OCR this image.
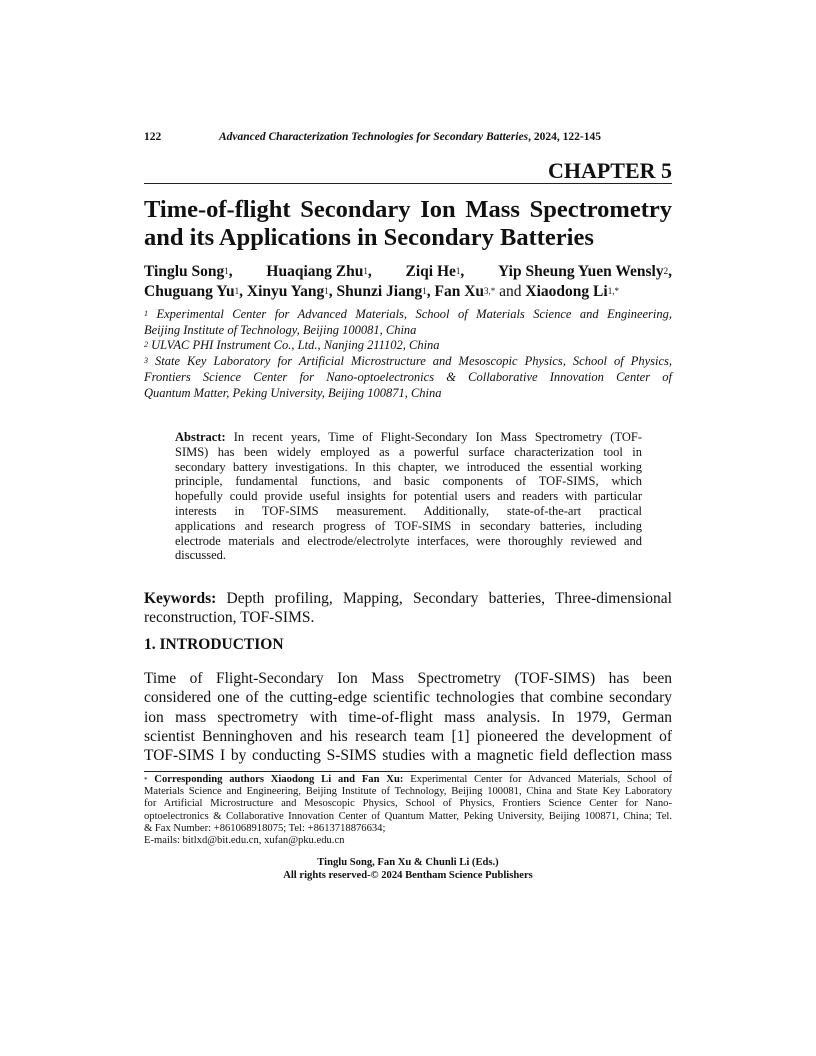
122	Advanced Characterization Technologies for Secondary Batteries, 2024, 122-145
CHAPTER 5
Time-of-flight Secondary Ion Mass Spectrometry
and its Applications in Secondary Batteries
Tinglu Song$^1$, Huaqiang Zhu$^1$, Ziqi He$^1$, Yip Sheung Yuen Wensly$^2$,
Chuguang Yu$^1$, Xinyu Yang$^1$, Shunzi Jiang$^1$, Fan $Xu^{3,*}$ and Xiaodong $Li^{1,*}$
$^1$ Experimental Center for Advanced Materials, School of Materials Science and Engineering,
Beijing Institute of Technology, Beijing 100081, China
$^2$ ULVAC PHI Instrument Co., Ltd., Nanjing 211102, China
$^3$ State Key Laboratory for Artificial Microstructure and Mesoscopic Physics, School of Physics,
Frontiers Science Center for Nano-optoelectronics & Collaborative Innovation Center of
Quantum Matter, Peking University, Beijing 100871, China
Abstract: In recent years, Time of Flight-Secondary Ion Mass Spectrometry (TOF-
SIMS) has been widely employed as a powerful surface characterization tool in
secondary battery investigations. In this chapter, we introduced the essential working
principle, fundamental functions, and basic components of TOF-SIMS, which
hopefully could provide useful insights for potential users and readers with particular
interests in TOF-SIMS measurement. Additionally, state-of-the-art practical
applications and research progress of TOF-SIMS in secondary batteries, including
electrode materials and electrode/electrolyte interfaces, were thoroughly reviewed and
discussed.
Keywords: Depth profiling, Mapping, Secondary batteries, Three-dimensional
reconstruction, TOF-SIMS.
1. INTRODUCTION
Time of Flight-Secondary Ion Mass Spectrometry (TOF-SIMS) has been
considered one of the cutting-edge scientific technologies that combine secondary
ion mass spectrometry with time-of-flight mass analysis. In 1979, German
scientist Benninghoven and his research team [1] pioneered the development of
TOF-SIMS I by conducting S-SIMS studies with a magnetic field deflection mass
* Corresponding authors Xiaodong Li and Fan Xu: Experimental Center for Advanced Materials, School of
Materials Science and Engineering, Beijing Institute of Technology, Beijing 100081, China and State Key Laboratory
for Artificial Microstructure and Mesoscopic Physics, School of Physics, Frontiers Science Center for Nano-
optoelectronics & Collaborative Innovation Center of Quantum Matter, Peking University, Beijing 100871, China; Tel.
& Fax Number: +861068918075; Tel: +8613718876634;
E-mails: bitlxd@bit.edu.cn, xufan@pku.edu.cn
Tinglu Song, Fan Xu & Chunli Li (Eds.)
All rights reserved-© 2024 Bentham Science Publishers
